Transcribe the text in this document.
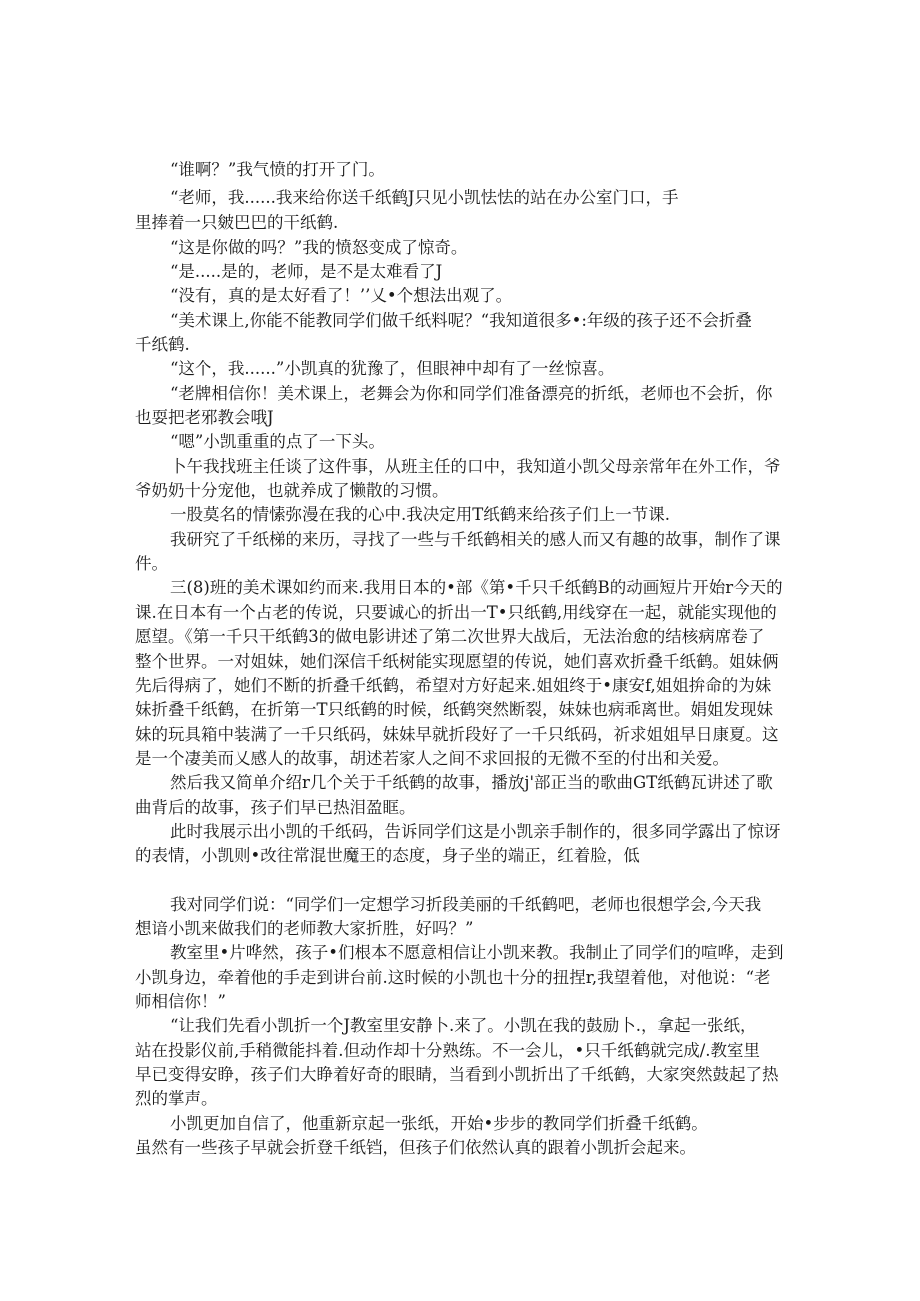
“谁啊？”我气愤的打开了门。

“老师，我......我来给你送千纸鹤J只见小凯怯怯的站在办公室门口，手

里捧着一只皴巴巴的干纸鹤.

“这是你做的吗？”我的愤怒变成了惊奇。

“是.....是的，老师，是不是太难看了J

“没有，真的是太好看了！’’乂•个想法出观了。

“美术课上,你能不能教同学们做千纸料呢？“我知道很多•:年级的孩子还不会折叠

千纸鹤.

“这个，我......”小凯真的犹豫了，但眼神中却有了一丝惊喜。

“老牌相信你！美术课上，老舞会为你和同学们准备漂亮的折纸，老师也不会折，你

也耍把老邪教会哦J

“嗯”小凯重重的点了一下头。

卜午我找班主任谈了这件事，从班主任的口中，我知道小凯父母亲常年在外工作，爷

爷奶奶十分宠他，也就养成了懒散的习惯。

一股莫名的情愫弥漫在我的心中.我决定用T纸鹤来给孩子们上一节课.

我研究了千纸梯的来历，寻找了一些与千纸鹤相关的感人而又有趣的故事，制作了课

件。

三(8)班的美术课如约而来.我用日本的•部《第•千只千纸鹤B的动画短片开始r今天的

课.在日本有一个占老的传说，只要诚心的折出一T•只纸鹤,用线穿在一起，就能实现他的

愿望。《第一千只干纸鹤3的做电影讲述了第二次世界大战后，无法治愈的结核病席卷了

整个世界。一对姐妹，她们深信千纸树能实现愿望的传说，她们喜欢折叠千纸鹤。姐妹俩

先后得病了，她们不断的折叠千纸鹤，希望对方好起来.姐姐终于•康安f,姐姐拚命的为妹

妹折叠千纸鹤，在折第一T只纸鹤的时候，纸鹤突然断裂，妹妹也病乖离世。娟姐发现妹

妹的玩具箱中装满了一千只纸码，妹妹早就折段好了一千只纸码，祈求姐姐早日康夏。这

是一个凄美而乂感人的故事，胡述若家人之间不求回报的无微不至的付出和关爱。

然后我又简单介绍r几个关于千纸鹤的故事，播放j'部正当的歌曲GT纸鹤瓦讲述了歌

曲背后的故事，孩子们早已热泪盈眶。

此时我展示出小凯的千纸码，告诉同学们这是小凯亲手制作的，很多同学露出了惊讶

的表情，小凯则•改往常混世魔王的态度，身子坐的端正，红着脸，低

我对同学们说：“同学们一定想学习折段美丽的千纸鹤吧，老师也很想学会,今天我

想谙小凯来做我们的老师教大家折胜，好吗？”

教室里•片哗然，孩子•们根本不愿意相信让小凯来教。我制止了同学们的喧哗，走到

小凯身边，牵着他的手走到讲台前.这时候的小凯也十分的扭捏r,我望着他，对他说：“老

师相信你！”

“让我们先看小凯折一个J教室里安静卜.来了。小凯在我的鼓励卜.，拿起一张纸，

站在投影仪前,手稍微能抖着.但动作却十分熟练。不一会儿，•只千纸鹤就完成/.教室里

早已变得安睁，孩子们大睁着好奇的眼睛，当看到小凯折出了千纸鹤，大家突然鼓起了热

烈的掌声。

小凯更加自信了，他重新京起一张纸，开始•步步的教同学们折叠千纸鹤。

虽然有一些孩子早就会折登千纸铛，但孩子们依然认真的跟着小凯折会起来。
